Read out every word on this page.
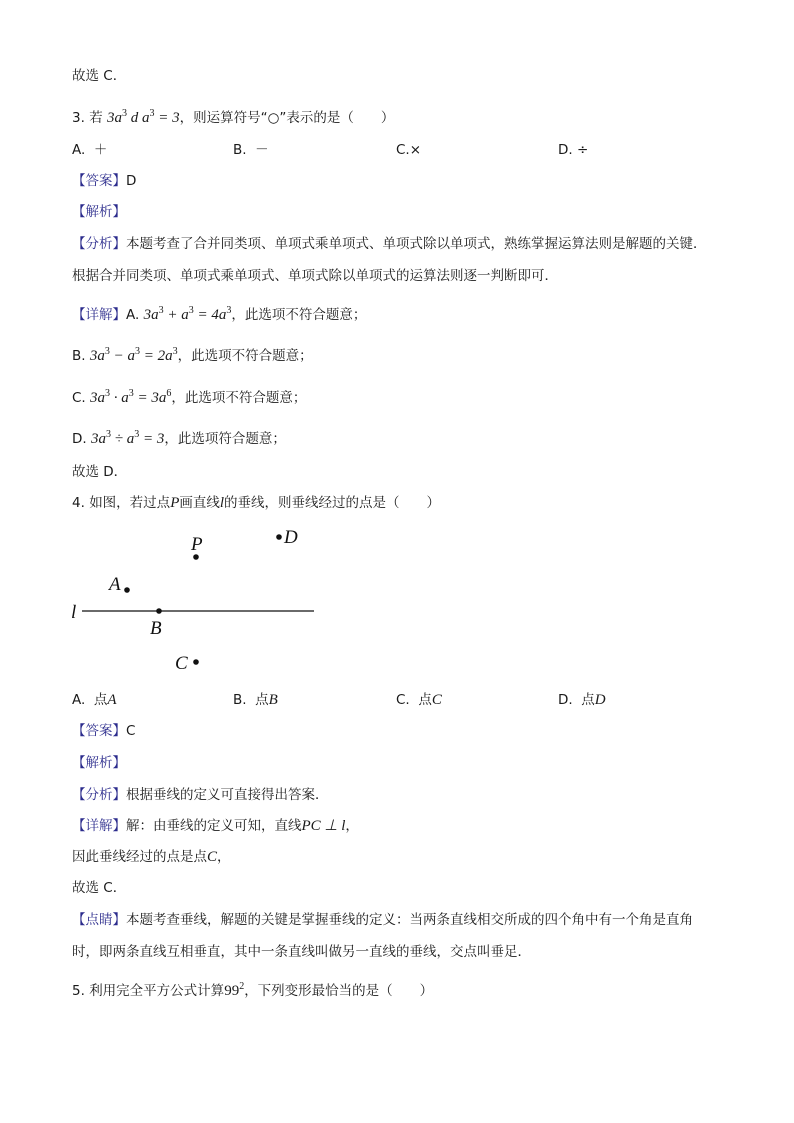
故选 C．
3. 若 $3a^3$ d $a^3 = 3$，则运算符号“○”表示的是（　　）
A. ＋	B. －	C.×	D. ÷
【答案】D
【解析】
【分析】本题考查了合并同类项、单项式乘单项式、单项式除以单项式，熟练掌握运算法则是解题的关键．
根据合并同类项、单项式乘单项式、单项式除以单项式的运算法则逐一判断即可．
【详解】A. $3a^3 + a^3 = 4a^3$，此选项不符合题意；
B. $3a^3 - a^3 = 2a^3$，此选项不符合题意；
C. $3a^3 \cdot a^3 = 3a^6$，此选项不符合题意；
D. $3a^3 \div a^3 = 3$，此选项符合题意；
故选 D．
4. 如图，若过点P画直线l的垂线，则垂线经过的点是（　　）
P	D
A
l
B
C
A. 点A	B. 点B	C. 点C	D. 点D
【答案】C
【解析】
【分析】根据垂线的定义可直接得出答案．
【详解】解：由垂线的定义可知，直线PC ⊥ l，
因此垂线经过的点是点C，
故选 C．
【点睛】本题考查垂线，解题的关键是掌握垂线的定义：当两条直线相交所成的四个角中有一个角是直角
时，即两条直线互相垂直，其中一条直线叫做另一直线的垂线，交点叫垂足．
5. 利用完全平方公式计算$99^2$，下列变形最恰当的是（　　）
